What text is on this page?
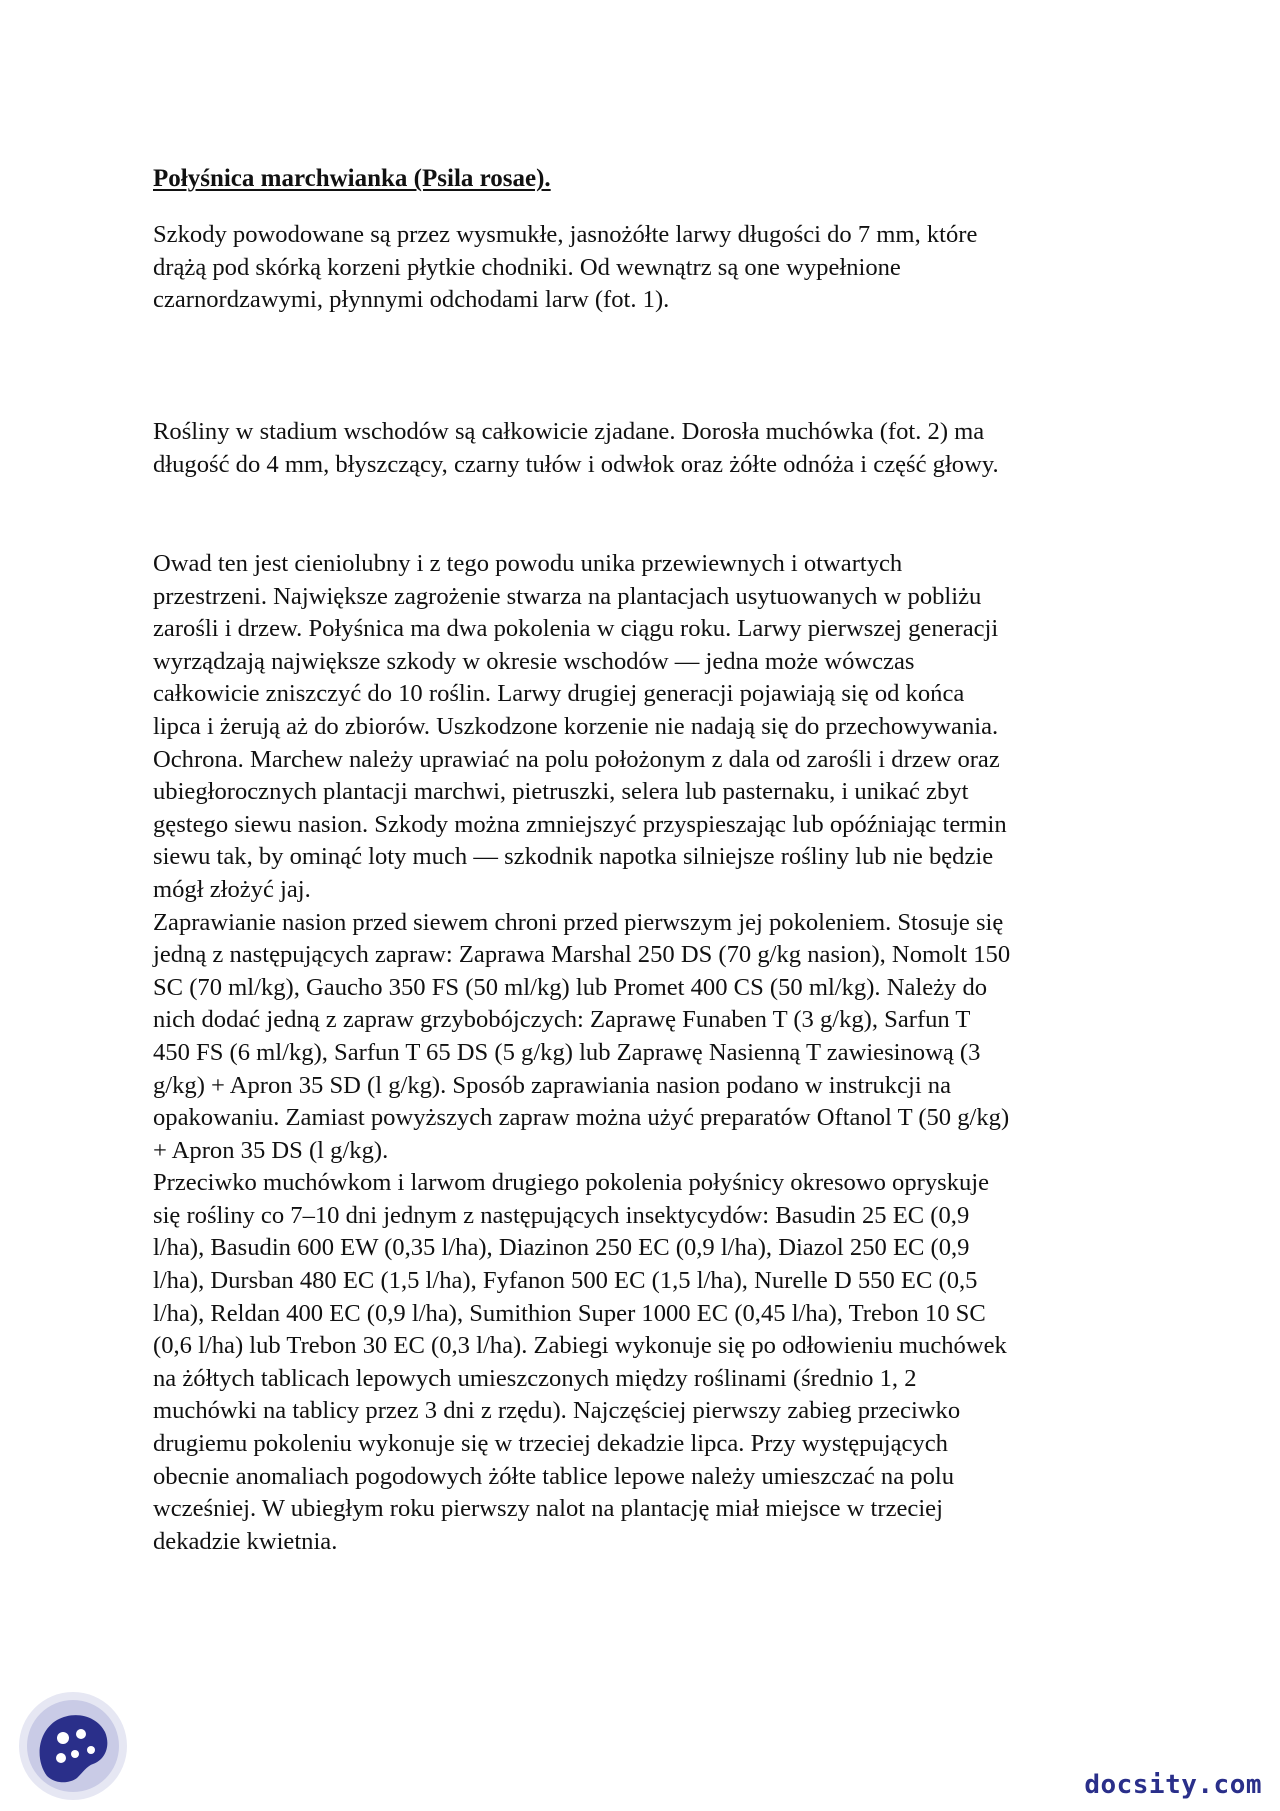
Połyśnica marchwianka (Psila rosae).

Szkody powodowane są przez wysmukłe, jasnożółte larwy długości do 7 mm, które
drążą pod skórką korzeni płytkie chodniki. Od wewnątrz są one wypełnione
czarnordzawymi, płynnymi odchodami larw (fot. 1).

Rośliny w stadium wschodów są całkowicie zjadane. Dorosła muchówka (fot. 2) ma
długość do 4 mm, błyszczący, czarny tułów i odwłok oraz żółte odnóża i część głowy.

Owad ten jest cieniolubny i z tego powodu unika przewiewnych i otwartych
przestrzeni. Największe zagrożenie stwarza na plantacjach usytuowanych w pobliżu
zarośli i drzew. Połyśnica ma dwa pokolenia w ciągu roku. Larwy pierwszej generacji
wyrządzają największe szkody w okresie wschodów — jedna może wówczas
całkowicie zniszczyć do 10 roślin. Larwy drugiej generacji pojawiają się od końca
lipca i żerują aż do zbiorów. Uszkodzone korzenie nie nadają się do przechowywania.
Ochrona. Marchew należy uprawiać na polu położonym z dala od zarośli i drzew oraz
ubiegłorocznych plantacji marchwi, pietruszki, selera lub pasternaku, i unikać zbyt
gęstego siewu nasion. Szkody można zmniejszyć przyspieszając lub opóźniając termin
siewu tak, by ominąć loty much — szkodnik napotka silniejsze rośliny lub nie będzie
mógł złożyć jaj.
Zaprawianie nasion przed siewem chroni przed pierwszym jej pokoleniem. Stosuje się
jedną z następujących zapraw: Zaprawa Marshal 250 DS (70 g/kg nasion), Nomolt 150
SC (70 ml/kg), Gaucho 350 FS (50 ml/kg) lub Promet 400 CS (50 ml/kg). Należy do
nich dodać jedną z zapraw grzybobójczych: Zaprawę Funaben T (3 g/kg), Sarfun T
450 FS (6 ml/kg), Sarfun T 65 DS (5 g/kg) lub Zaprawę Nasienną T zawiesinową (3
g/kg) + Apron 35 SD (l g/kg). Sposób zaprawiania nasion podano w instrukcji na
opakowaniu. Zamiast powyższych zapraw można użyć preparatów Oftanol T (50 g/kg)
+ Apron 35 DS (l g/kg).
Przeciwko muchówkom i larwom drugiego pokolenia połyśnicy okresowo opryskuje
się rośliny co 7–10 dni jednym z następujących insektycydów: Basudin 25 EC (0,9
l/ha), Basudin 600 EW (0,35 l/ha), Diazinon 250 EC (0,9 l/ha), Diazol 250 EC (0,9
l/ha), Dursban 480 EC (1,5 l/ha), Fyfanon 500 EC (1,5 l/ha), Nurelle D 550 EC (0,5
l/ha), Reldan 400 EC (0,9 l/ha), Sumithion Super 1000 EC (0,45 l/ha), Trebon 10 SC
(0,6 l/ha) lub Trebon 30 EC (0,3 l/ha). Zabiegi wykonuje się po odłowieniu muchówek
na żółtych tablicach lepowych umieszczonych między roślinami (średnio 1, 2
muchówki na tablicy przez 3 dni z rzędu). Najczęściej pierwszy zabieg przeciwko
drugiemu pokoleniu wykonuje się w trzeciej dekadzie lipca. Przy występujących
obecnie anomaliach pogodowych żółte tablice lepowe należy umieszczać na polu
wcześniej. W ubiegłym roku pierwszy nalot na plantację miał miejsce w trzeciej
dekadzie kwietnia.

docsity.com
